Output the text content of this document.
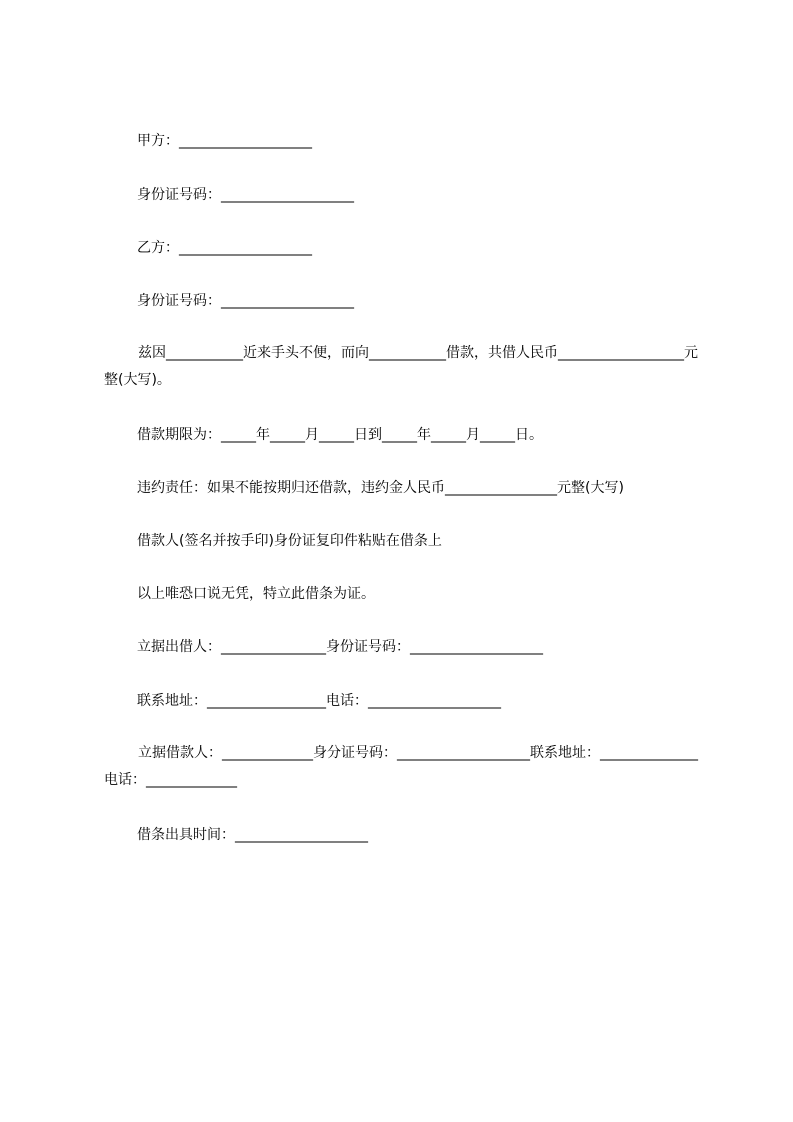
甲方：___________________
身份证号码：___________________
乙方：___________________
身份证号码：___________________
兹因___________近来手头不便，而向___________借款，共借人民币__________________元整(大写)。
借款期限为：_____年_____月_____日到_____年_____月_____日。
违约责任：如果不能按期归还借款，违约金人民币________________元整(大写)
借款人(签名并按手印)身份证复印件粘贴在借条上
以上唯恐口说无凭，特立此借条为证。
立据出借人：_______________身份证号码：___________________
联系地址：_________________电话：___________________
立据借款人：_____________身分证号码：___________________联系地址：______________电话：_____________
借条出具时间：___________________
